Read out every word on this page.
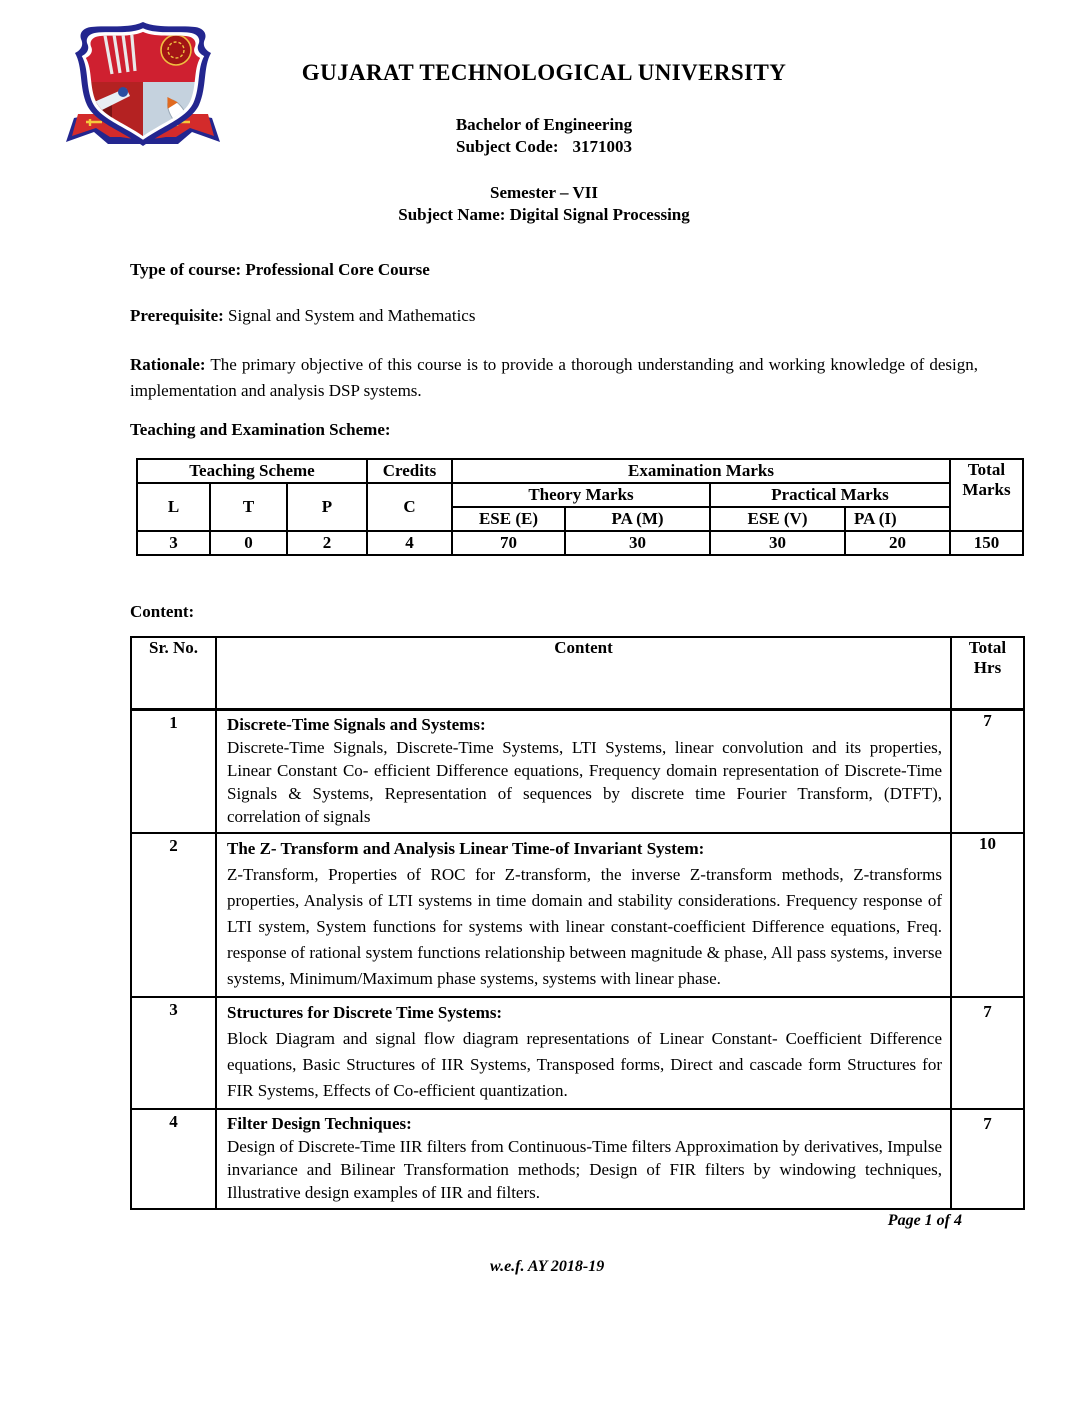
GUJARAT TECHNOLOGICAL UNIVERSITY
Bachelor of Engineering
Subject Code: 3171003
Semester – VII
Subject Name: Digital Signal Processing
Type of course: Professional Core Course
Prerequisite: Signal and System and Mathematics
Rationale: The primary objective of this course is to provide a thorough understanding and working knowledge of design, implementation and analysis DSP systems.
Teaching and Examination Scheme:
Teaching Scheme			Credits	Examination Marks				Total Marks
L	T	P	C	Theory Marks		Practical Marks		
				ESE (E)	PA (M)	ESE (V)	PA (I)	
3	0	2	4	70	30	30	20	150
Content:
Sr. No.	Content	Total Hrs
1	Discrete-Time Signals and Systems:
Discrete-Time Signals, Discrete-Time Systems, LTI Systems, linear convolution and its properties, Linear Constant Co- efficient Difference equations, Frequency domain representation of Discrete-Time Signals & Systems, Representation of sequences by discrete time Fourier Transform, (DTFT), correlation of signals	7
2	The Z- Transform and Analysis Linear Time-of Invariant System:
Z-Transform, Properties of ROC for Z-transform, the inverse Z-transform methods, Z-transforms properties, Analysis of LTI systems in time domain and stability considerations. Frequency response of LTI system, System functions for systems with linear constant-coefficient Difference equations, Freq. response of rational system functions relationship between magnitude & phase, All pass systems, inverse systems, Minimum/Maximum phase systems, systems with linear phase.	10
3	Structures for Discrete Time Systems:
Block Diagram and signal flow diagram representations of Linear Constant- Coefficient Difference equations, Basic Structures of IIR Systems, Transposed forms, Direct and cascade form Structures for FIR Systems, Effects of Co-efficient quantization.	7
4	Filter Design Techniques:
Design of Discrete-Time IIR filters from Continuous-Time filters Approximation by derivatives, Impulse invariance and Bilinear Transformation methods; Design of FIR filters by windowing techniques, Illustrative design examples of IIR and filters.	7
Page 1 of 4
w.e.f. AY 2018-19
